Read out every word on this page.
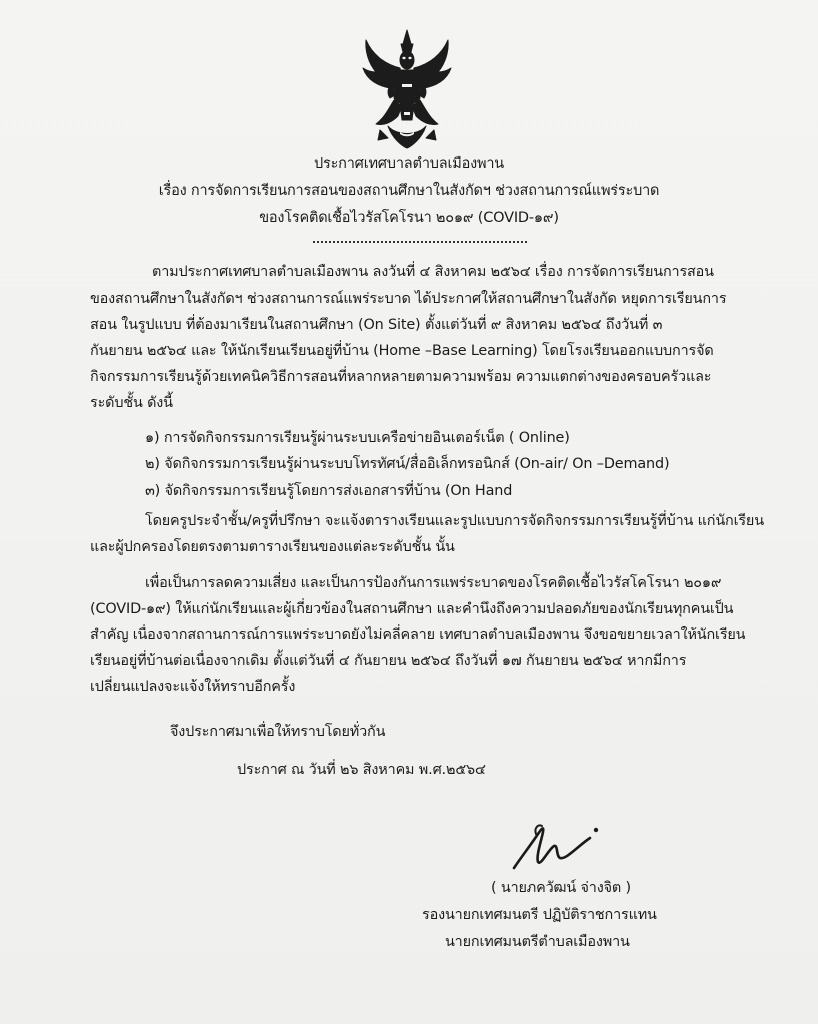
ประกาศเทศบาลตำบลเมืองพาน
เรื่อง การจัดการเรียนการสอนของสถานศึกษาในสังกัดฯ ช่วงสถานการณ์แพร่ระบาด
ของโรคติดเชื้อไวรัสโคโรนา ๒๐๑๙ (COVID-๑๙)
ตามประกาศเทศบาลตำบลเมืองพาน ลงวันที่ ๔ สิงหาคม ๒๕๖๔ เรื่อง การจัดการเรียนการสอน
ของสถานศึกษาในสังกัดฯ ช่วงสถานการณ์แพร่ระบาด ได้ประกาศให้สถานศึกษาในสังกัด หยุดการเรียนการ
สอน ในรูปแบบ ที่ต้องมาเรียนในสถานศึกษา (On Site) ตั้งแต่วันที่ ๙ สิงหาคม ๒๕๖๔ ถึงวันที่ ๓
กันยายน ๒๕๖๔ และ ให้นักเรียนเรียนอยู่ที่บ้าน (Home –Base Learning) โดยโรงเรียนออกแบบการจัด
กิจกรรมการเรียนรู้ด้วยเทคนิควิธีการสอนที่หลากหลายตามความพร้อม ความแตกต่างของครอบครัวและ
ระดับชั้น ดังนี้
๑) การจัดกิจกรรมการเรียนรู้ผ่านระบบเครือข่ายอินเตอร์เน็ต ( Online)
๒) จัดกิจกรรมการเรียนรู้ผ่านระบบโทรทัศน์/สื่ออิเล็กทรอนิกส์ (On-air/ On –Demand)
๓) จัดกิจกรรมการเรียนรู้โดยการส่งเอกสารที่บ้าน (On Hand
โดยครูประจำชั้น/ครูที่ปรึกษา จะแจ้งตารางเรียนและรูปแบบการจัดกิจกรรมการเรียนรู้ที่บ้าน แก่นักเรียน
และผู้ปกครองโดยตรงตามตารางเรียนของแต่ละระดับชั้น นั้น
เพื่อเป็นการลดความเสี่ยง และเป็นการป้องกันการแพร่ระบาดของโรคติดเชื้อไวรัสโคโรนา ๒๐๑๙
(COVID-๑๙) ให้แก่นักเรียนและผู้เกี่ยวข้องในสถานศึกษา และคำนึงถึงความปลอดภัยของนักเรียนทุกคนเป็น
สำคัญ เนื่องจากสถานการณ์การแพร่ระบาดยังไม่คลี่คลาย เทศบาลตำบลเมืองพาน จึงขอขยายเวลาให้นักเรียน
เรียนอยู่ที่บ้านต่อเนื่องจากเดิม ตั้งแต่วันที่ ๔ กันยายน ๒๕๖๔ ถึงวันที่ ๑๗ กันยายน ๒๕๖๔ หากมีการ
เปลี่ยนแปลงจะแจ้งให้ทราบอีกครั้ง
จึงประกาศมาเพื่อให้ทราบโดยทั่วกัน
ประกาศ ณ วันที่ ๒๖ สิงหาคม พ.ศ.๒๕๖๔
( นายภควัฒน์ จ่างจิต )
รองนายกเทศมนตรี ปฏิบัติราชการแทน
นายกเทศมนตรีตำบลเมืองพาน
